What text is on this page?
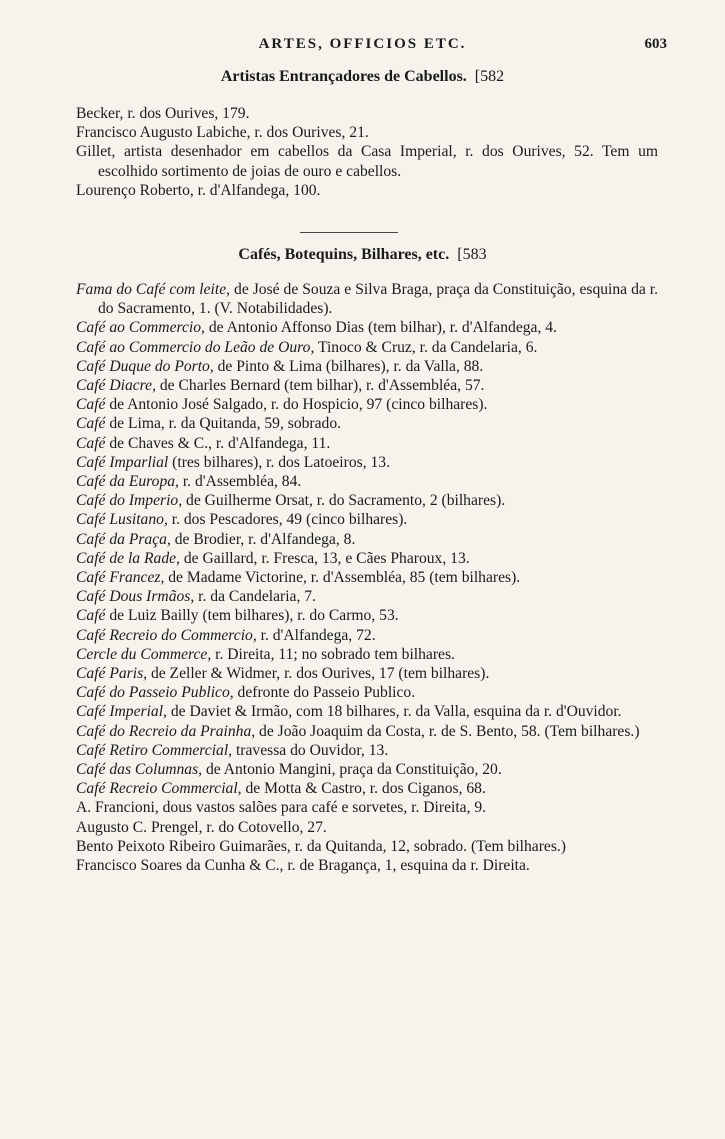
ARTES, OFFICIOS ETC.	603
Artistas Entrançadores de Cabellos. [582
Becker, r. dos Ourives, 179.
Francisco Augusto Labiche, r. dos Ourives, 21.
Gillet, artista desenhador em cabellos da Casa Imperial, r. dos Ourives, 52. Tem um escolhido sortimento de joias de ouro e cabellos.
Lourenço Roberto, r. d'Alfandega, 100.
Cafés, Botequins, Bilhares, etc. [583
Fama do Café com leite, de José de Souza e Silva Braga, praça da Constituição, esquina da r. do Sacramento, 1. (V. Notabilidades).
Café ao Commercio, de Antonio Affonso Dias (tem bilhar), r. d'Alfandega, 4.
Café ao Commercio do Leão de Ouro, Tinoco & Cruz, r. da Candelaria, 6.
Café Duque do Porto, de Pinto & Lima (bilhares), r. da Valla, 88.
Café Diacre, de Charles Bernard (tem bilhar), r. d'Assembléa, 57.
Café de Antonio José Salgado, r. do Hospicio, 97 (cinco bilhares).
Café de Lima, r. da Quitanda, 59, sobrado.
Café de Chaves & C., r. d'Alfandega, 11.
Café Imparlial (tres bilhares), r. dos Latoeiros, 13.
Café da Europa, r. d'Assembléa, 84.
Café do Imperio, de Guilherme Orsat, r. do Sacramento, 2 (bilhares).
Café Lusitano, r. dos Pescadores, 49 (cinco bilhares).
Café da Praça, de Brodier, r. d'Alfandega, 8.
Café de la Rade, de Gaillard, r. Fresca, 13, e Cães Pharoux, 13.
Café Francez, de Madame Victorine, r. d'Assembléa, 85 (tem bilhares).
Café Dous Irmãos, r. da Candelaria, 7.
Café de Luiz Bailly (tem bilhares), r. do Carmo, 53.
Café Recreio do Commercio, r. d'Alfandega, 72.
Cercle du Commerce, r. Direita, 11; no sobrado tem bilhares.
Café Paris, de Zeller & Widmer, r. dos Ourives, 17 (tem bilhares).
Café do Passeio Publico, defronte do Passeio Publico.
Café Imperial, de Daviet & Irmão, com 18 bilhares, r. da Valla, esquina da r. d'Ouvidor.
Café do Recreio da Prainha, de João Joaquim da Costa, r. de S. Bento, 58. (Tem bilhares.)
Café Retiro Commercial, travessa do Ouvidor, 13.
Café das Columnas, de Antonio Mangini, praça da Constituição, 20.
Café Recreio Commercial, de Motta & Castro, r. dos Ciganos, 68.
A. Francioni, dous vastos salões para café e sorvetes, r. Direita, 9.
Augusto C. Prengel, r. do Cotovello, 27.
Bento Peixoto Ribeiro Guimarães, r. da Quitanda, 12, sobrado. (Tem bilhares.)
Francisco Soares da Cunha & C., r. de Bragança, 1, esquina da r. Direita.
